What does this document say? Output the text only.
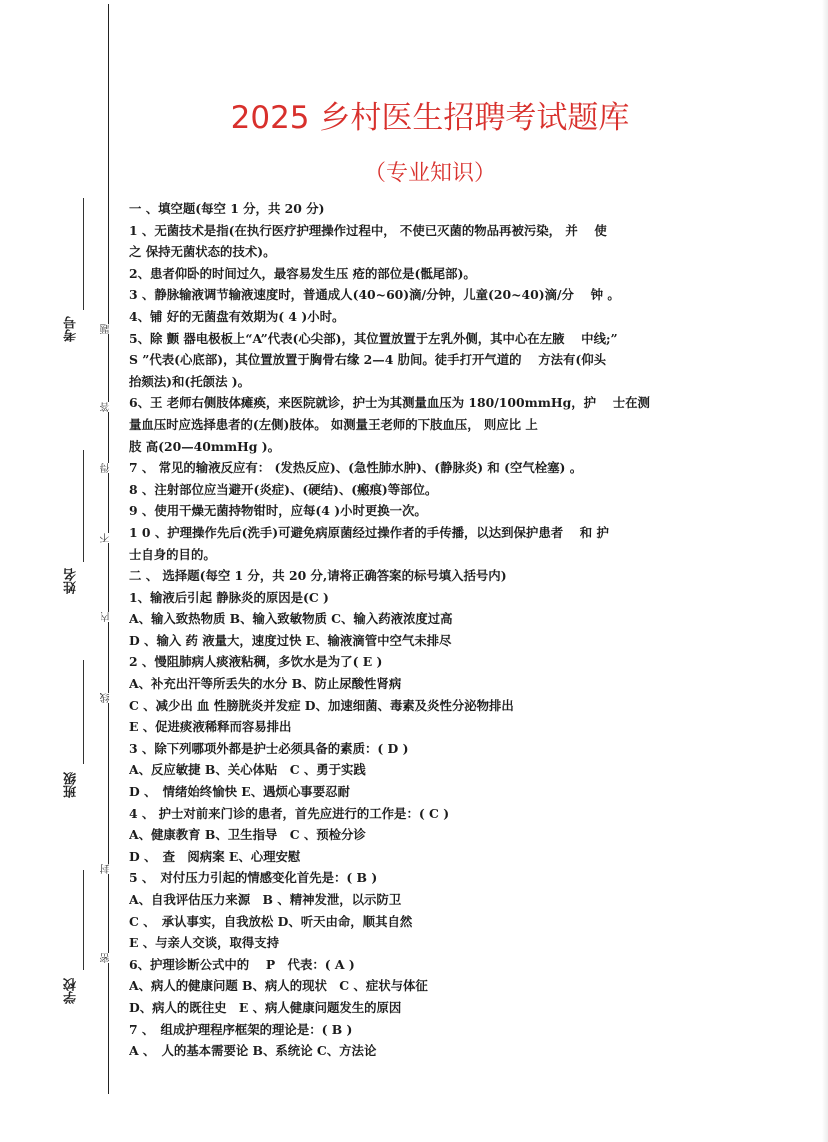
题
答
得
不
内
线
封
密
考号
姓名
班级
学校
2025 乡村医生招聘考试题库
（专业知识）
一 、填空题(每空 1 分，共 20 分)
1 、无菌技术是指(在执行医疗护理操作过程中， 不使已灭菌的物品再被污染， 并　 使
之 保持无菌状态的技术)。
2、患者仰卧的时间过久，最容易发生压 疮的部位是(骶尾部)。
3 、静脉输液调节输液速度时，普通成人(40~60)滴/分钟，儿童(20~40)滴/分　 钟 。
4、铺 好的无菌盘有效期为( 4 )小时。
5、除 颤 器电极板上“A”代表(心尖部)，其位置放置于左乳外侧，其中心在左腋　 中线;”
S ”代表(心底部)，其位置放置于胸骨右缘 2—4 肋间。徒手打开气道的　 方法有(仰头
抬颏法)和(托颌法 )。
6、王 老师右侧肢体瘫痪，来医院就诊，护士为其测量血压为 180/100mmHg，护　 士在测
量血压时应选择患者的(左侧)肢体。 如测量王老师的下肢血压， 则应比 上
肢 高(20—40mmHg )。
7 、 常见的输液反应有： (发热反应)、(急性肺水肿)、(静脉炎) 和 (空气栓塞) 。
8 、注射部位应当避开(炎症)、(硬结)、(瘢痕)等部位。
9 、使用干燥无菌持物钳时，应每(4 )小时更换一次。
1 0 、护理操作先后(洗手)可避免病原菌经过操作者的手传播，以达到保护患者　 和 护
士自身的目的。
二 、 选择题(每空 1 分，共 20 分,请将正确答案的标号填入括号内)
1、输液后引起 静脉炎的原因是(C )
A、输入致热物质 B、输入致敏物质 C、输入药液浓度过高
D 、输入 药 液量大，速度过快 E、输液滴管中空气未排尽
2 、慢阻肺病人痰液粘稠，多饮水是为了( E )
A、补充出汗等所丢失的水分 B、防止尿酸性肾病
C 、减少出 血 性膀胱炎并发症 D、加速细菌、毒素及炎性分泌物排出
E 、促进痰液稀释而容易排出
3 、除下列哪项外都是护士必须具备的素质：( D )
A、反应敏捷 B、关心体贴　C 、勇于实践
D 、　情绪始终愉快 E、遇烦心事要忍耐
4 、 护士对前来门诊的患者，首先应进行的工作是：( C )
A、健康教育 B、卫生指导　C 、预检分诊
D 、　查　阅病案 E、心理安慰
5 、　对付压力引起的情感变化首先是：( B )
A、自我评估压力来源　B 、精神发泄，以示防卫
C 、　承认事实，自我放松 D、听天由命，顺其自然
E 、与亲人交谈，取得支持
6、护理诊断公式中的　 P　代表：( A )
A、病人的健康问题 B、病人的现状　C 、症状与体征
D、病人的既往史　E 、病人健康问题发生的原因
7 、　组成护理程序框架的理论是：( B )
A 、　人的基本需要论 B、系统论 C、方法论
